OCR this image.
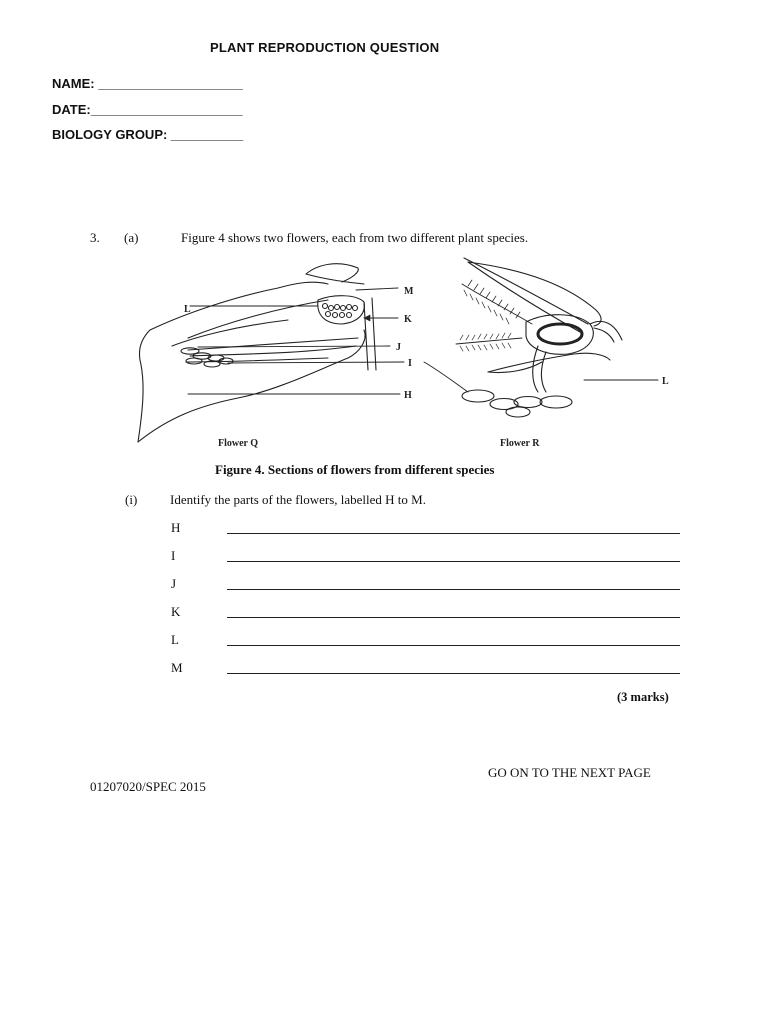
PLANT REPRODUCTION QUESTION
NAME: ____________________
DATE:_____________________
BIOLOGY GROUP: __________
3. (a)	Figure 4 shows two flowers, each from two different plant species.
M
L
K
J
I
H
Flower Q
L
Flower R
Figure 4. Sections of flowers from different species
(i)	Identify the parts of the flowers, labelled H to M.
H
I
J
K
L
M
(3 marks)
GO ON TO THE NEXT PAGE
01207020/SPEC 2015
